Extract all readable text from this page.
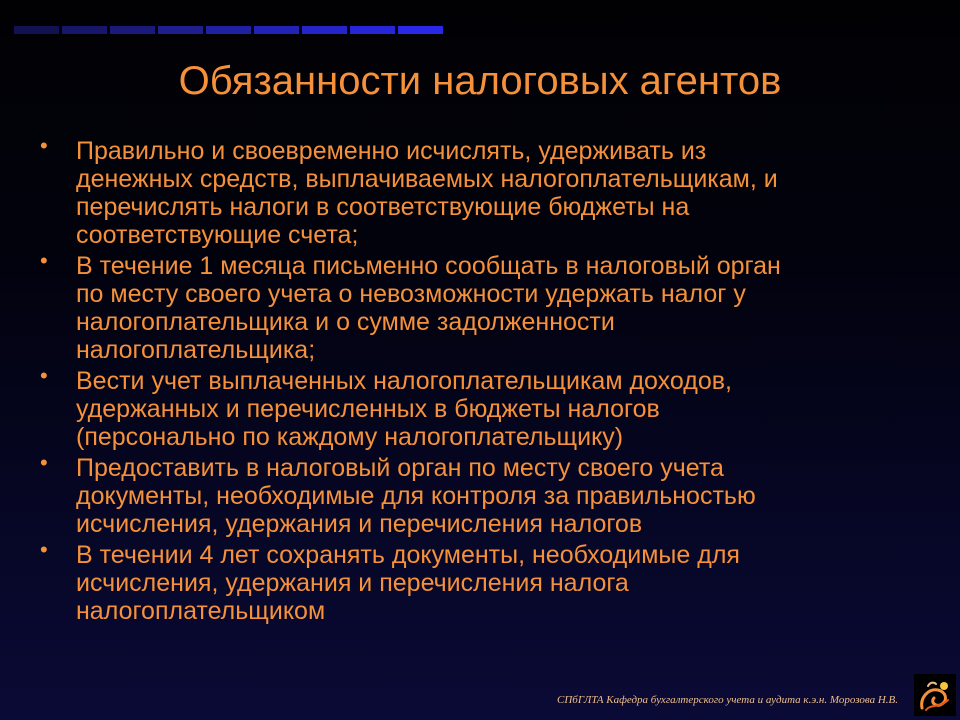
Обязанности налоговых агентов
•	Правильно и своевременно исчислять, удерживать из
денежных средств, выплачиваемых налогоплательщикам, и
перечислять налоги в соответствующие бюджеты на
соответствующие счета;

•	В течение 1 месяца письменно сообщать в налоговый орган
по месту своего учета о невозможности удержать налог у
налогоплательщика и о сумме задолженности
налогоплательщика;

•	Вести учет выплаченных налогоплательщикам доходов,
удержанных и перечисленных в бюджеты налогов
(персонально по каждому налогоплательщику)

•	Предоставить в налоговый орган по месту своего учета
документы, необходимые для контроля за правильностью
исчисления, удержания и перечисления налогов

•	В течении 4 лет сохранять документы, необходимые для
исчисления, удержания и перечисления налога
налогоплательщиком

СПбГЛТА Кафедра бухгалтерского учета и аудита к.э.н. Морозова Н.В.
